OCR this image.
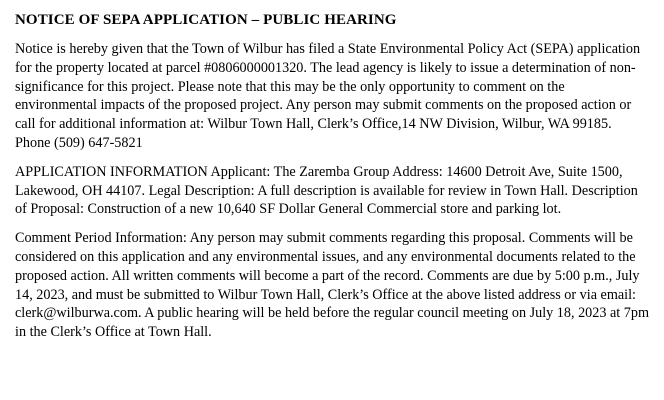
NOTICE OF SEPA APPLICATION – PUBLIC HEARING

Notice is hereby given that the Town of Wilbur has filed a State Environmental Policy Act (SEPA) application for the property located at parcel #0806000001320. The lead agency is likely to issue a determination of non-significance for this project. Please note that this may be the only opportunity to comment on the environmental impacts of the proposed project. Any person may submit comments on the proposed action or call for additional information at: Wilbur Town Hall, Clerk’s Office,14 NW Division, Wilbur, WA 99185. Phone (509) 647-5821

APPLICATION INFORMATION Applicant: The Zaremba Group Address: 14600 Detroit Ave, Suite 1500, Lakewood, OH 44107. Legal Description: A full description is available for review in Town Hall. Description of Proposal: Construction of a new 10,640 SF Dollar General Commercial store and parking lot.

Comment Period Information: Any person may submit comments regarding this proposal. Comments will be considered on this application and any environmental issues, and any environmental documents related to the proposed action. All written comments will become a part of the record. Comments are due by 5:00 p.m., July 14, 2023, and must be submitted to Wilbur Town Hall, Clerk’s Office at the above listed address or via email: clerk@wilburwa.com. A public hearing will be held before the regular council meeting on July 18, 2023 at 7pm in the Clerk’s Office at Town Hall.
